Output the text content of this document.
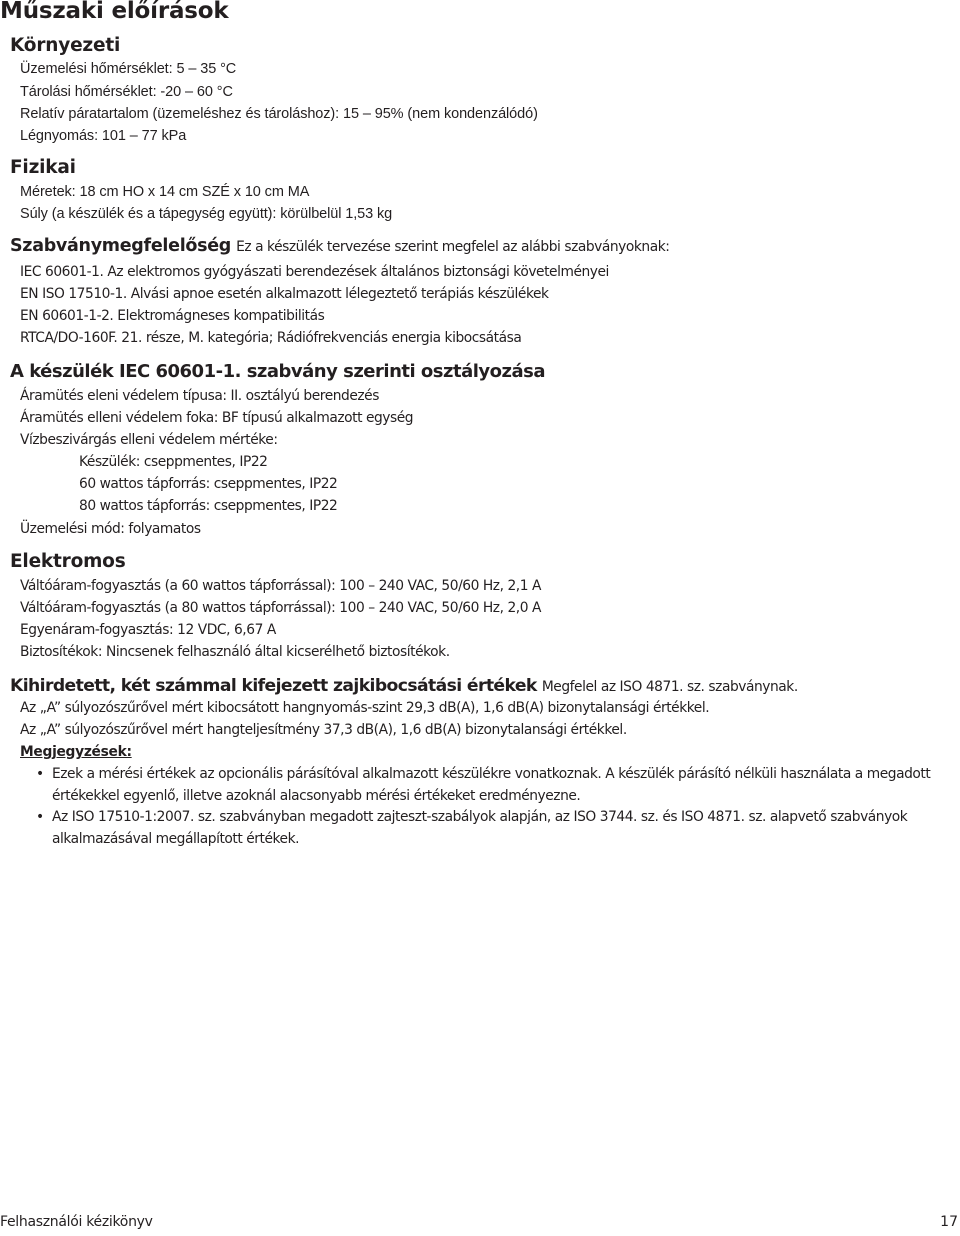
Műszaki előírások
Környezeti
Üzemelési hőmérséklet: 5 – 35 °C
Tárolási hőmérséklet: -20 – 60 °C
Relatív páratartalom (üzemeléshez és tároláshoz): 15 – 95% (nem kondenzálódó)
Légnyomás: 101 – 77 kPa
Fizikai
Méretek: 18 cm HO x 14 cm SZÉ x 10 cm MA
Súly (a készülék és a tápegység együtt): körülbelül 1,53 kg
Szabványmegfelelőség Ez a készülék tervezése szerint megfelel az alábbi szabványoknak:
IEC 60601-1. Az elektromos gyógyászati berendezések általános biztonsági követelményei
EN ISO 17510-1. Alvási apnoe esetén alkalmazott lélegeztető terápiás készülékek
EN 60601-1-2. Elektromágneses kompatibilitás
RTCA/DO-160F. 21. része, M. kategória; Rádiófrekvenciás energia kibocsátása
A készülék IEC 60601-1. szabvány szerinti osztályozása
Áramütés eleni védelem típusa: II. osztályú berendezés
Áramütés elleni védelem foka: BF típusú alkalmazott egység
Vízbeszivárgás elleni védelem mértéke:
Készülék: cseppmentes, IP22
60 wattos tápforrás: cseppmentes, IP22
80 wattos tápforrás: cseppmentes, IP22
Üzemelési mód: folyamatos
Elektromos
Váltóáram-fogyasztás (a 60 wattos tápforrással): 100 – 240 VAC, 50/60 Hz, 2,1 A
Váltóáram-fogyasztás (a 80 wattos tápforrással): 100 – 240 VAC, 50/60 Hz, 2,0 A
Egyenáram-fogyasztás: 12 VDC, 6,67 A
Biztosítékok: Nincsenek felhasználó által kicserélhető biztosítékok.
Kihirdetett, két számmal kifejezett zajkibocsátási értékek Megfelel az ISO 4871. sz. szabványnak.
Az „A” súlyozószűrővel mért kibocsátott hangnyomás-szint 29,3 dB(A), 1,6 dB(A) bizonytalansági értékkel.
Az „A” súlyozószűrővel mért hangteljesítmény 37,3 dB(A), 1,6 dB(A) bizonytalansági értékkel.
Megjegyzések:
• Ezek a mérési értékek az opcionális párásítóval alkalmazott készülékre vonatkoznak. A készülék párásító nélküli használata a megadott értékekkel egyenlő, illetve azoknál alacsonyabb mérési értékeket eredményezne.
• Az ISO 17510-1:2007. sz. szabványban megadott zajteszt-szabályok alapján, az ISO 3744. sz. és ISO 4871. sz. alapvető szabványok alkalmazásával megállapított értékek.
Felhasználói kézikönyv	17
